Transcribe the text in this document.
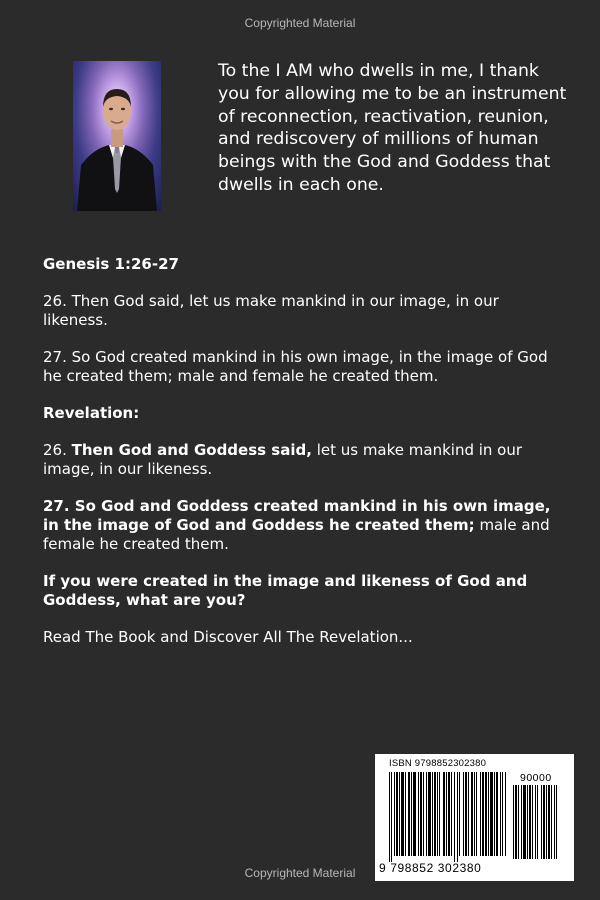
Copyrighted Material

To the I AM who dwells in me, I thank you for allowing me to be an instrument of reconnection, reactivation, reunion, and rediscovery of millions of human beings with the God and Goddess that dwells in each one.

Genesis 1:26-27

26. Then God said, let us make mankind in our image, in our likeness.

27. So God created mankind in his own image, in the image of God he created them; male and female he created them.

Revelation:

26. Then God and Goddess said, let us make mankind in our image, in our likeness.

27. So God and Goddess created mankind in his own image, in the image of God and Goddess he created them; male and female he created them.

If you were created in the image and likeness of God and Goddess, what are you?

Read The Book and Discover All The Revelation...

ISBN 9798852302380
90000
9 798852 302380
Copyrighted Material
